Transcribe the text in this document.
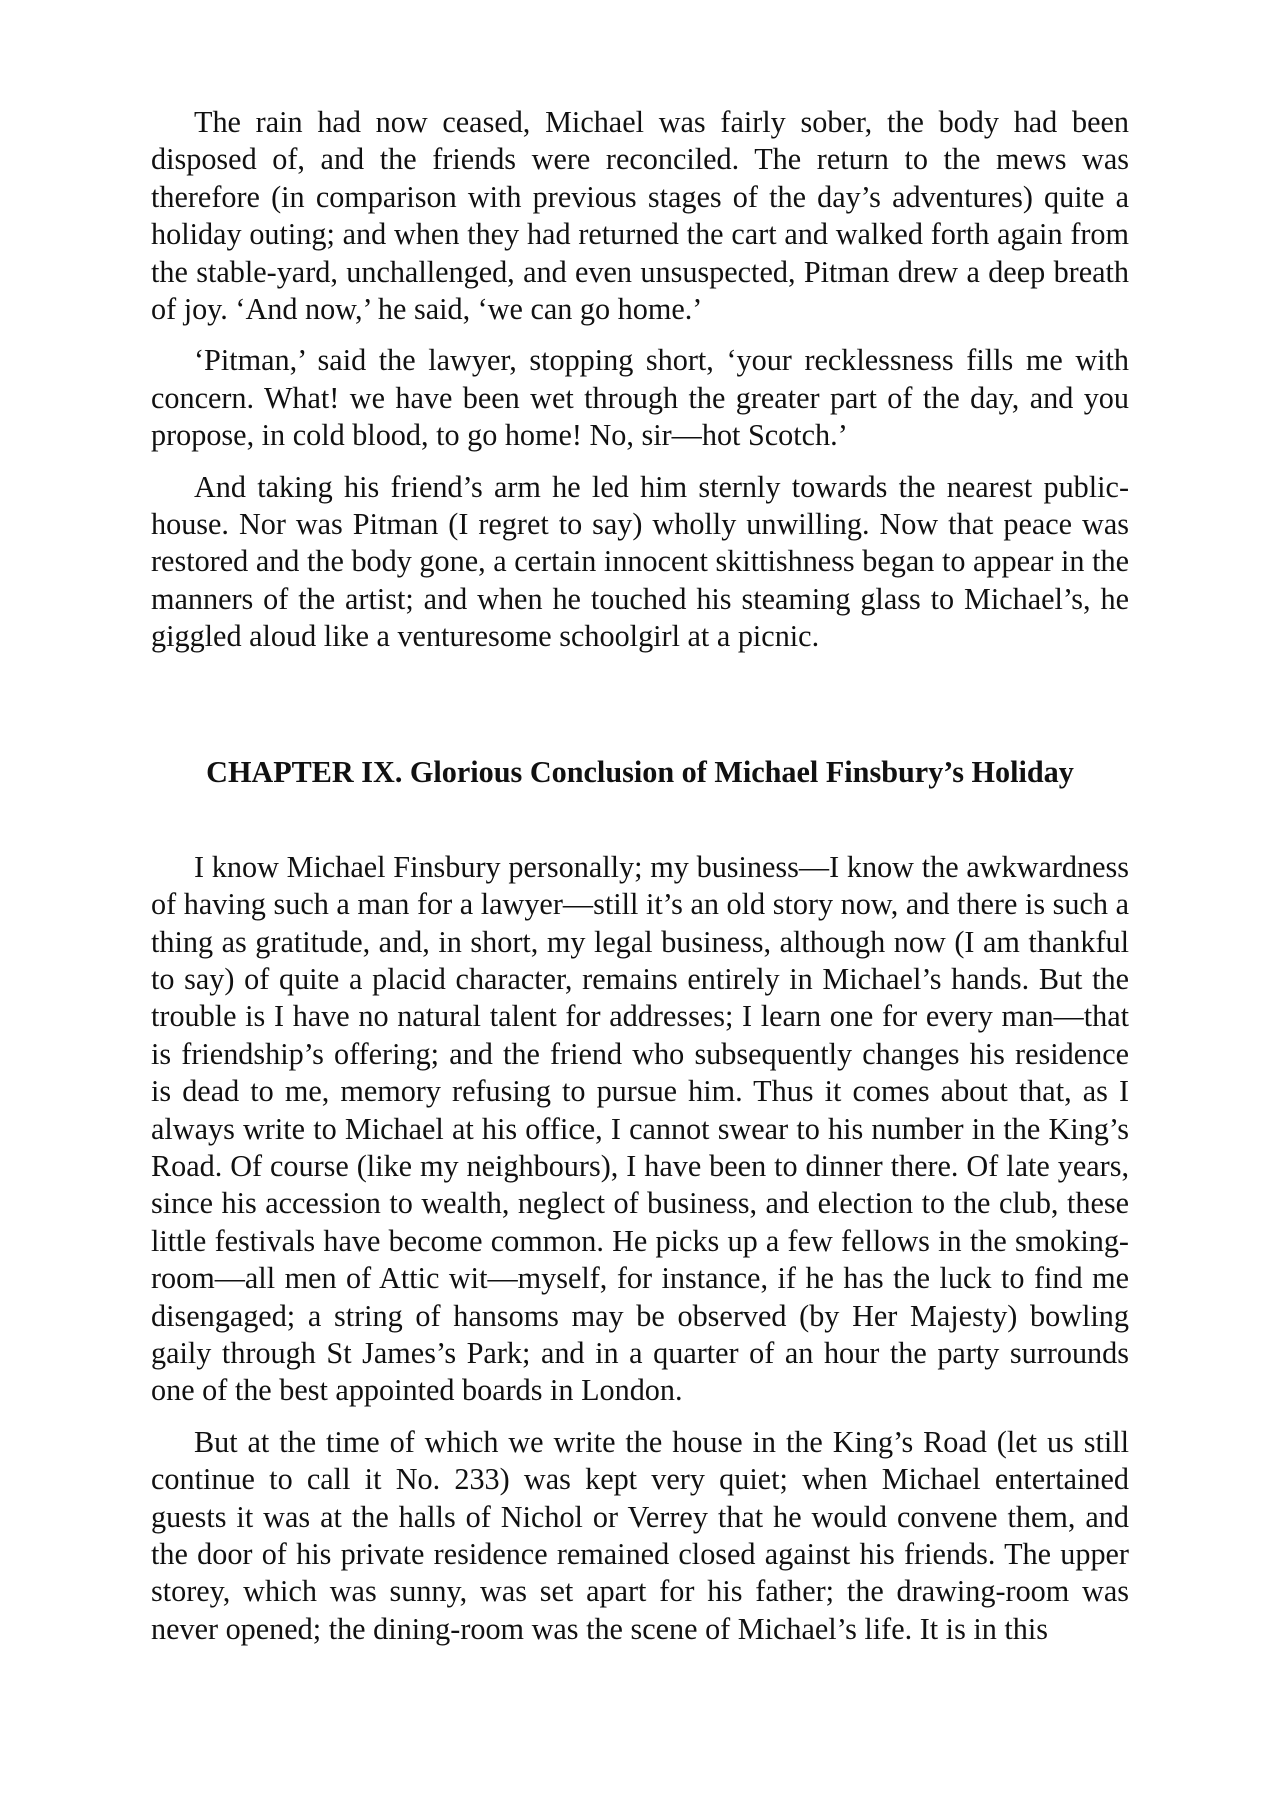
The rain had now ceased, Michael was fairly sober, the body had been disposed of, and the friends were reconciled. The return to the mews was therefore (in comparison with previous stages of the day’s adventures) quite a holiday outing; and when they had returned the cart and walked forth again from the stable-yard, unchallenged, and even unsuspected, Pitman drew a deep breath of joy. ‘And now,’ he said, ‘we can go home.’

‘Pitman,’ said the lawyer, stopping short, ‘your recklessness fills me with concern. What! we have been wet through the greater part of the day, and you propose, in cold blood, to go home! No, sir—hot Scotch.’

And taking his friend’s arm he led him sternly towards the nearest public-house. Nor was Pitman (I regret to say) wholly unwilling. Now that peace was restored and the body gone, a certain innocent skittishness began to appear in the manners of the artist; and when he touched his steaming glass to Michael’s, he giggled aloud like a venturesome schoolgirl at a picnic.

CHAPTER IX. Glorious Conclusion of Michael Finsbury’s Holiday

I know Michael Finsbury personally; my business—I know the awkwardness of having such a man for a lawyer—still it’s an old story now, and there is such a thing as gratitude, and, in short, my legal business, although now (I am thankful to say) of quite a placid character, remains entirely in Michael’s hands. But the trouble is I have no natural talent for addresses; I learn one for every man—that is friendship’s offering; and the friend who subsequently changes his residence is dead to me, memory refusing to pursue him. Thus it comes about that, as I always write to Michael at his office, I cannot swear to his number in the King’s Road. Of course (like my neighbours), I have been to dinner there. Of late years, since his accession to wealth, neglect of business, and election to the club, these little festivals have become common. He picks up a few fellows in the smoking-room—all men of Attic wit—myself, for instance, if he has the luck to find me disengaged; a string of hansoms may be observed (by Her Majesty) bowling gaily through St James’s Park; and in a quarter of an hour the party surrounds one of the best appointed boards in London.

But at the time of which we write the house in the King’s Road (let us still continue to call it No. 233) was kept very quiet; when Michael entertained guests it was at the halls of Nichol or Verrey that he would convene them, and the door of his private residence remained closed against his friends. The upper storey, which was sunny, was set apart for his father; the drawing-room was never opened; the dining-room was the scene of Michael’s life. It is in this
